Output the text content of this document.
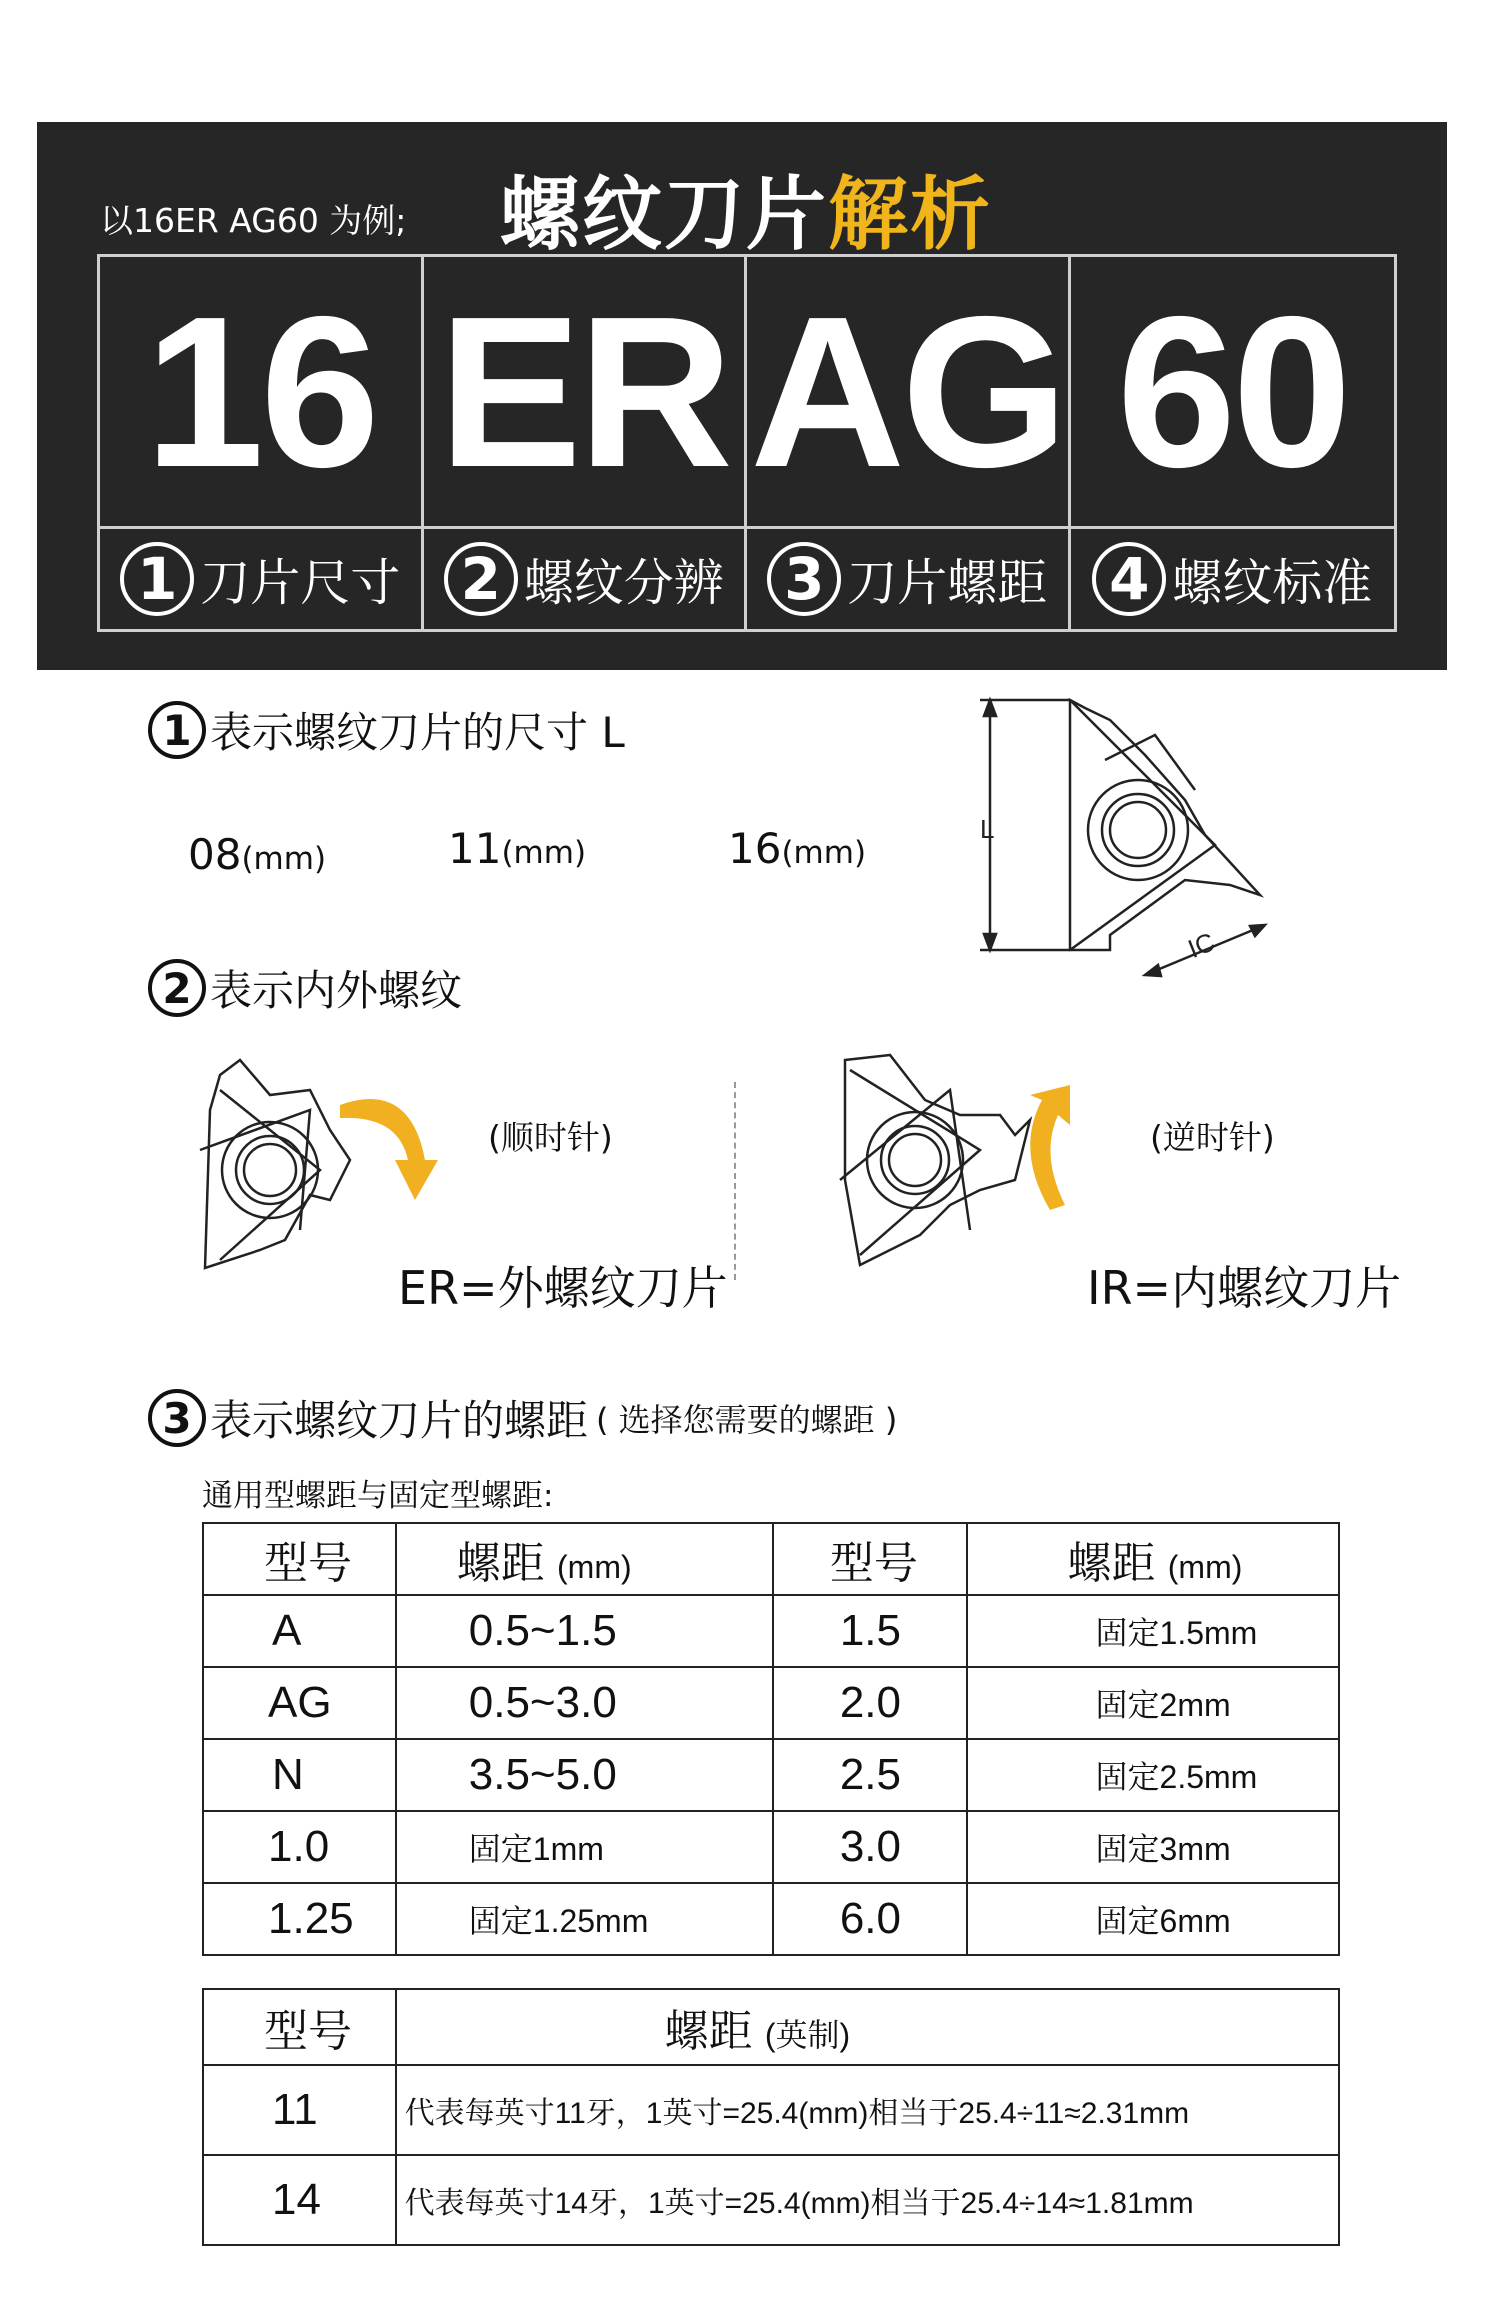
以16ER AG60 为例; 螺纹刀片解析
16 ER AG 60
1 刀片尺寸 2 螺纹分辨 3 刀片螺距 4 螺纹标准
1 表示螺纹刀片的尺寸 L
08(mm)	11(mm)	16(mm)
L
IC
2 表示内外螺纹
(顺时针)
ER=外螺纹刀片
(逆时针)
IR=内螺纹刀片
3 表示螺纹刀片的螺距 ( 选择您需要的螺距 )
通用型螺距与固定型螺距:
型号	螺距 (mm)	型号	螺距 (mm)
A	0.5~1.5	1.5	固定1.5mm
AG	0.5~3.0	2.0	固定2mm
N	3.5~5.0	2.5	固定2.5mm
1.0	固定1mm	3.0	固定3mm
1.25	固定1.25mm	6.0	固定6mm
型号	螺距 (英制)
11	代表每英寸11牙，1英寸=25.4(mm)相当于25.4÷11≈2.31mm
14	代表每英寸14牙，1英寸=25.4(mm)相当于25.4÷14≈1.81mm
